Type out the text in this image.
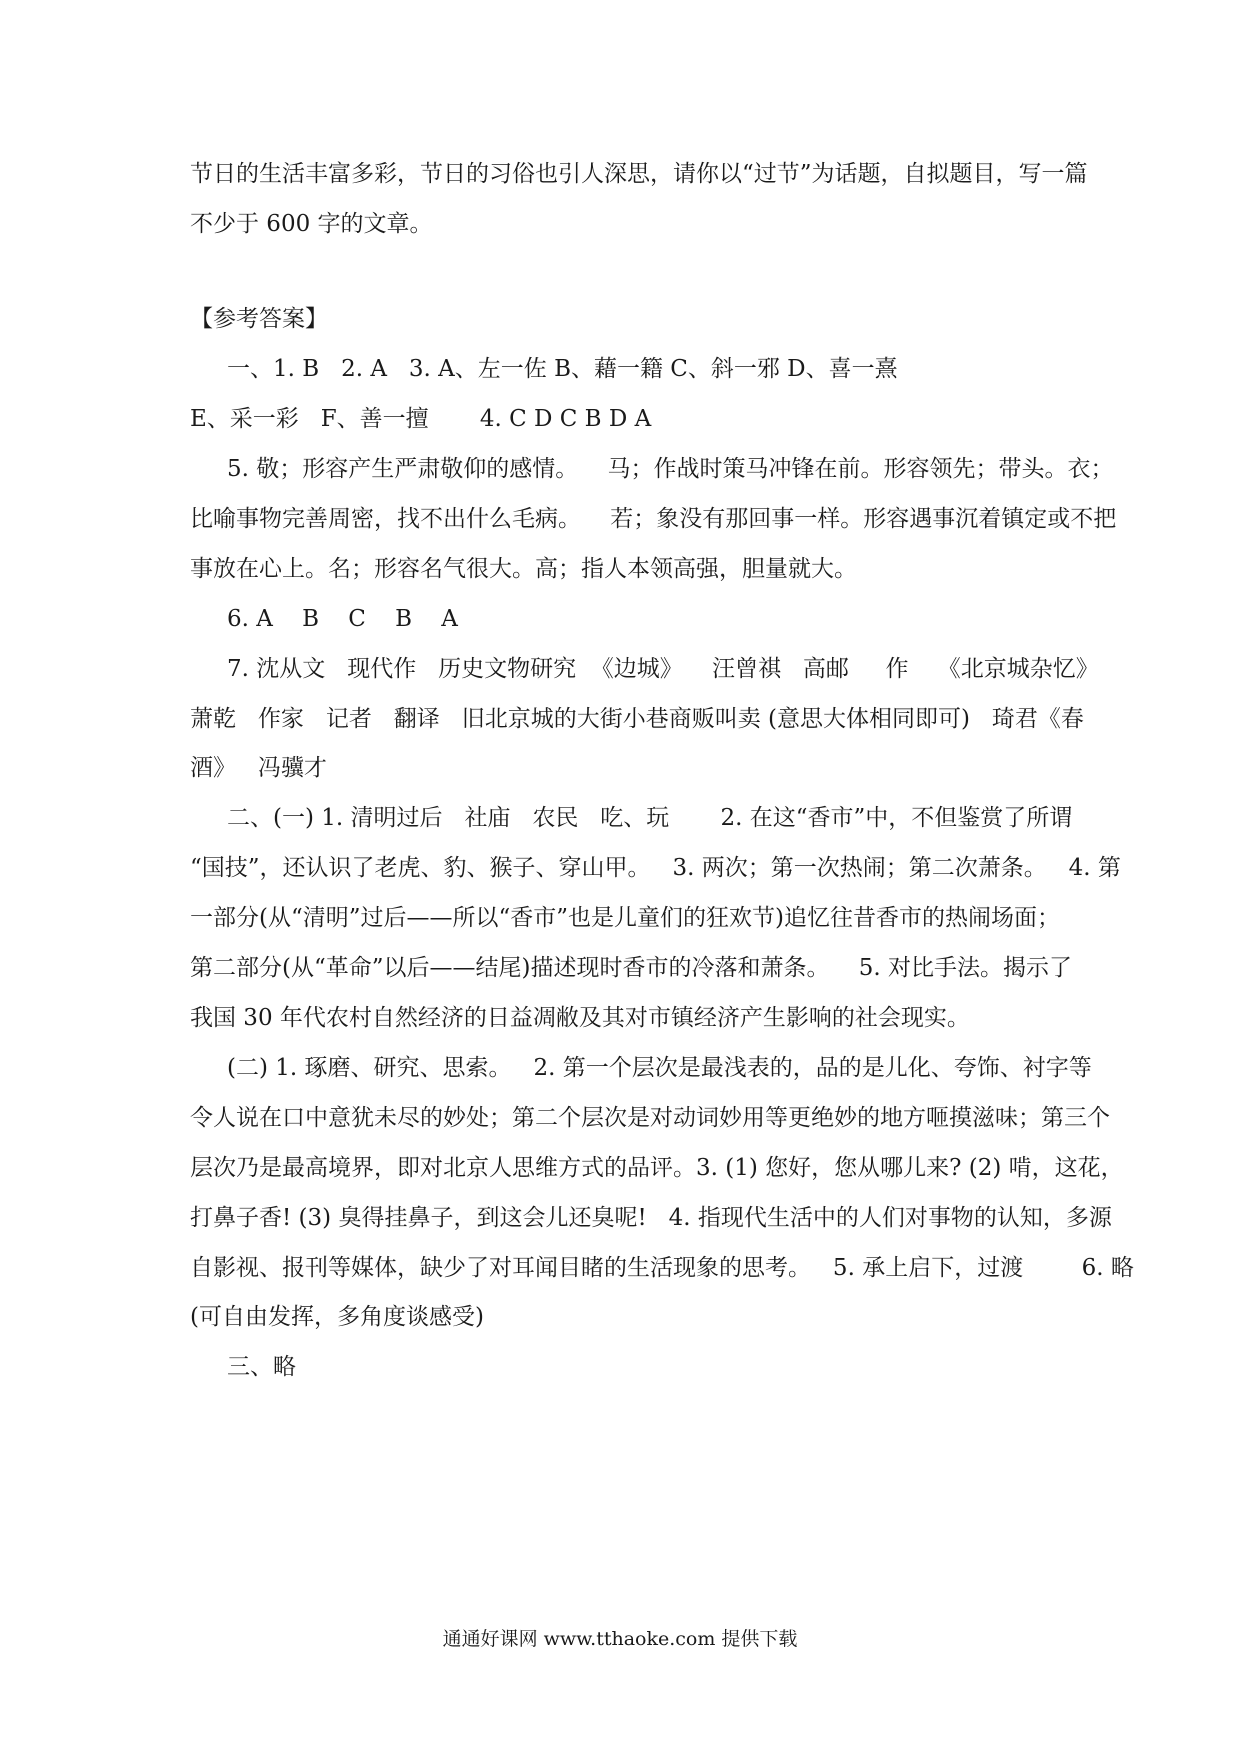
节日的生活丰富多彩，节日的习俗也引人深思，请你以“过节”为话题，自拟题目，写一篇
不少于 600 字的文章。
【参考答案】
一、1. B   2. A   3. A、左一佐 B、藉一籍 C、斜一邪 D、喜一熹
E、采一彩   F、善一擅       4. C D C B D A
5. 敬；形容产生严肃敬仰的感情。    马；作战时策马冲锋在前。形容领先；带头。衣；
比喻事物完善周密，找不出什么毛病。    若；象没有那回事一样。形容遇事沉着镇定或不把
事放在心上。名；形容名气很大。高；指人本领高强，胆量就大。
6. A    B    C    B    A
7. 沈从文   现代作   历史文物研究  《边城》    汪曾祺   高邮     作    《北京城杂忆》
萧乾   作家   记者   翻译   旧北京城的大街小巷商贩叫卖 (意思大体相同即可)   琦君《春
酒》   冯骥才
二、(一) 1. 清明过后   社庙   农民   吃、玩       2. 在这“香市”中，不但鉴赏了所谓
“国技”，还认识了老虎、豹、猴子、穿山甲。   3. 两次；第一次热闹；第二次萧条。   4. 第
一部分(从“清明”过后——所以“香市”也是儿童们的狂欢节)追忆往昔香市的热闹场面；
第二部分(从“革命”以后——结尾)描述现时香市的冷落和萧条。    5. 对比手法。揭示了
我国 30 年代农村自然经济的日益凋敝及其对市镇经济产生影响的社会现实。
(二) 1. 琢磨、研究、思索。   2. 第一个层次是最浅表的，品的是儿化、夸饰、衬字等
令人说在口中意犹未尽的妙处；第二个层次是对动词妙用等更绝妙的地方咂摸滋味；第三个
层次乃是最高境界，即对北京人思维方式的品评。3. (1) 您好，您从哪儿来? (2) 啃，这花，
打鼻子香! (3) 臭得挂鼻子，到这会儿还臭呢!   4. 指现代生活中的人们对事物的认知，多源
自影视、报刊等媒体，缺少了对耳闻目睹的生活现象的思考。   5. 承上启下，过渡        6. 略
(可自由发挥，多角度谈感受)
三、略
通通好课网 www.tthaoke.com 提供下载
